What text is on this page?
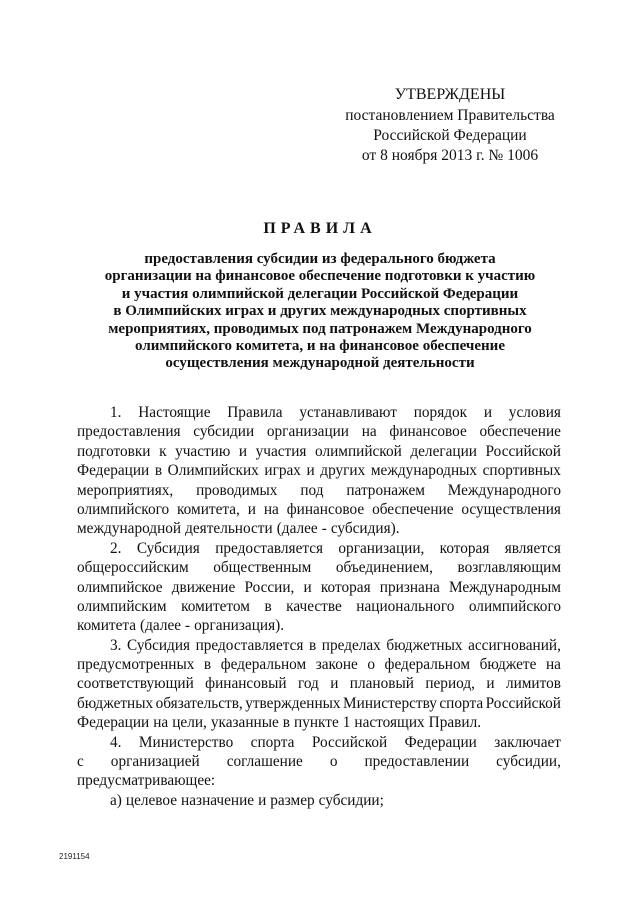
УТВЕРЖДЕНЫ
постановлением Правительства
Российской Федерации
от 8 ноября 2013 г. № 1006
ПРАВИЛА
предоставления субсидии из федерального бюджета
организации на финансовое обеспечение подготовки к участию
и участия олимпийской делегации Российской Федерации
в Олимпийских играх и других международных спортивных
мероприятиях, проводимых под патронажем Международного
олимпийского комитета, и на финансовое обеспечение
осуществления международной деятельности
1. Настоящие Правила устанавливают порядок и условия
предоставления субсидии организации на финансовое обеспечение
подготовки к участию и участия олимпийской делегации Российской
Федерации в Олимпийских играх и других международных спортивных
мероприятиях, проводимых под патронажем Международного
олимпийского комитета, и на финансовое обеспечение осуществления
международной деятельности (далее - субсидия).
2. Субсидия предоставляется организации, которая является
общероссийским общественным объединением, возглавляющим
олимпийское движение России, и которая признана Международным
олимпийским комитетом в качестве национального олимпийского
комитета (далее - организация).
3. Субсидия предоставляется в пределах бюджетных ассигнований,
предусмотренных в федеральном законе о федеральном бюджете на
соответствующий финансовый год и плановый период, и лимитов
бюджетных обязательств, утвержденных Министерству спорта Российской
Федерации на цели, указанные в пункте 1 настоящих Правил.
4. Министерство спорта Российской Федерации заключает
с организацией соглашение о предоставлении субсидии,
предусматривающее:
а) целевое назначение и размер субсидии;
2191154
